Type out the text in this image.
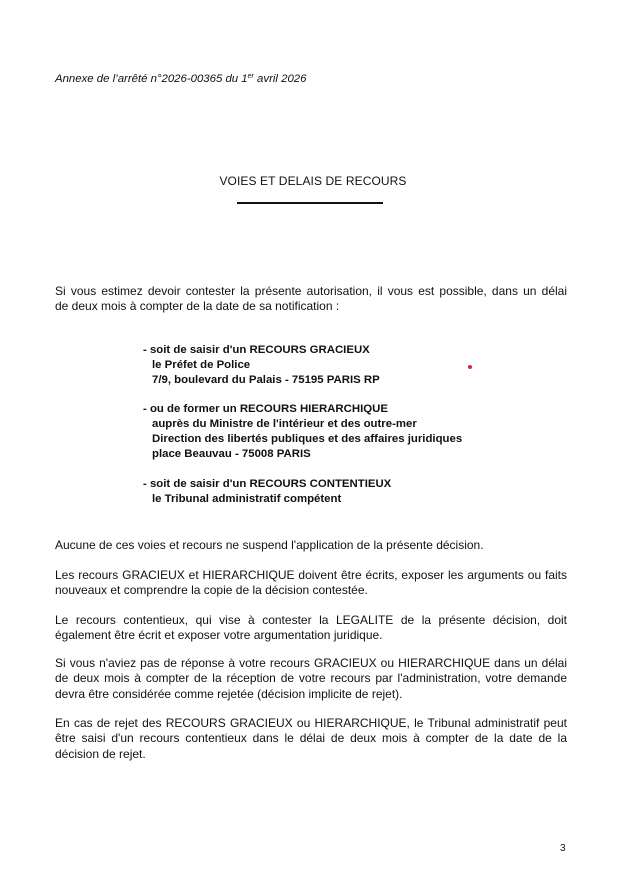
Annexe de l’arrêté n°2026-00365 du 1er avril 2026
VOIES ET DELAIS DE RECOURS
Si vous estimez devoir contester la présente autorisation, il vous est possible, dans un délai
de deux mois à compter de la date de sa notification :
- soit de saisir d'un RECOURS GRACIEUX
le Préfet de Police
7/9, boulevard du Palais - 75195 PARIS RP
- ou de former un RECOURS HIERARCHIQUE
auprès du Ministre de l'intérieur et des outre-mer
Direction des libertés publiques et des affaires juridiques
place Beauvau - 75008 PARIS
- soit de saisir d'un RECOURS CONTENTIEUX
le Tribunal administratif compétent
Aucune de ces voies et recours ne suspend l'application de la présente décision.
Les recours GRACIEUX et HIERARCHIQUE doivent être écrits, exposer les arguments ou faits nouveaux et comprendre la copie de la décision contestée.
Le recours contentieux, qui vise à contester la LEGALITE de la présente décision, doit également être écrit et exposer votre argumentation juridique.
Si vous n'aviez pas de réponse à votre recours GRACIEUX ou HIERARCHIQUE dans un délai de deux mois à compter de la réception de votre recours par l'administration, votre demande devra être considérée comme rejetée (décision implicite de rejet).
En cas de rejet des RECOURS GRACIEUX ou HIERARCHIQUE, le Tribunal administratif peut être saisi d'un recours contentieux dans le délai de deux mois à compter de la date de la décision de rejet.
3
